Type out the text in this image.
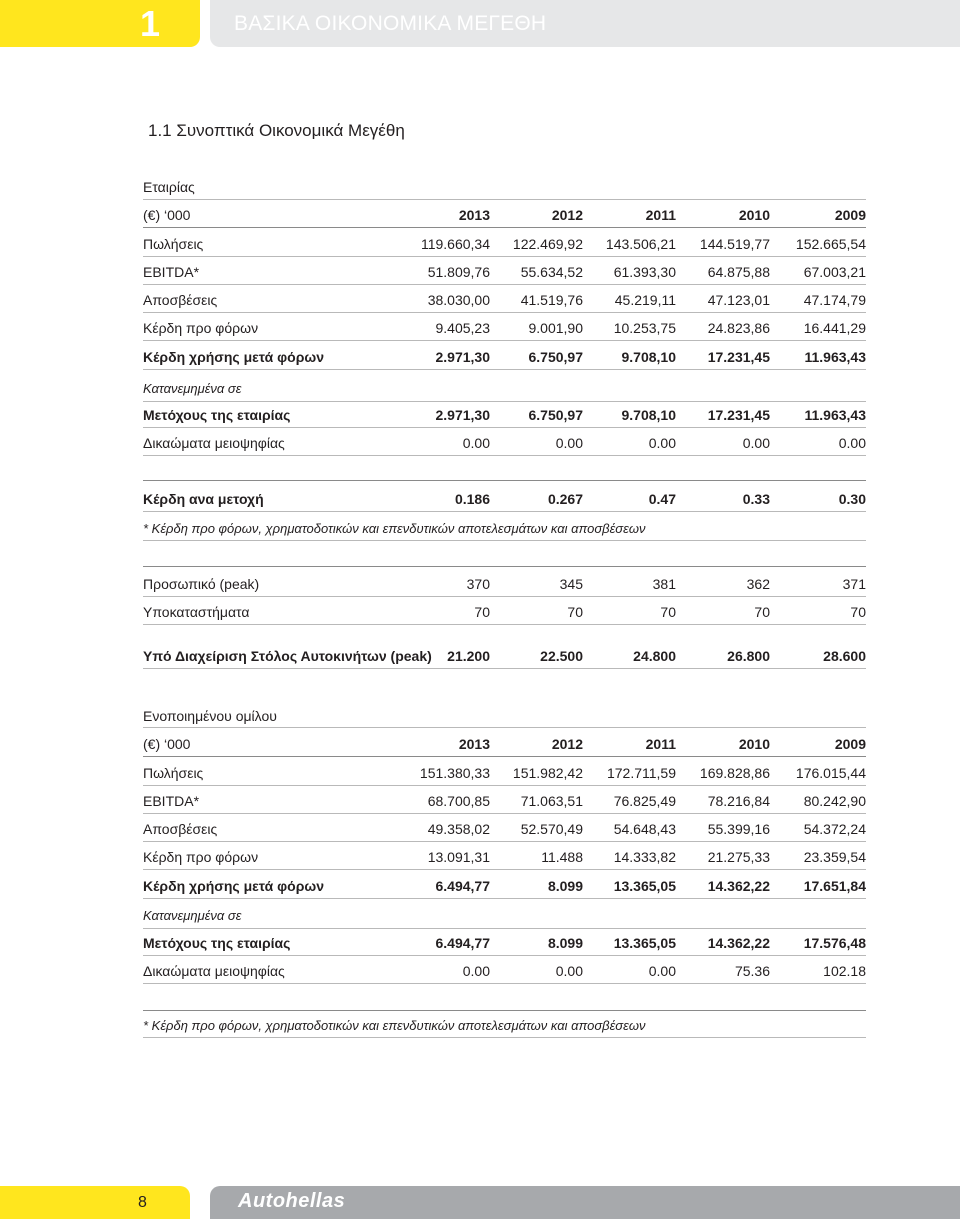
1	ΒΑΣΙΚΑ ΟΙΚΟΝΟΜΙΚΑ ΜΕΓΕΘΗ
1.1 Συνοπτικά Οικονομικά Μεγέθη
Εταιρίας
(€) ‘000	2013	2012	2011	2010	2009
Πωλήσεις	119.660,34	122.469,92	143.506,21	144.519,77	152.665,54
EBITDA*	51.809,76	55.634,52	61.393,30	64.875,88	67.003,21
Αποσβέσεις	38.030,00	41.519,76	45.219,11	47.123,01	47.174,79
Κέρδη προ φόρων	9.405,23	9.001,90	10.253,75	24.823,86	16.441,29
Κέρδη χρήσης μετά φόρων	2.971,30	6.750,97	9.708,10	17.231,45	11.963,43
Κατανεμημένα σε
Μετόχους της εταιρίας	2.971,30	6.750,97	9.708,10	17.231,45	11.963,43
Δικαώματα μειοψηφίας	0.00	0.00	0.00	0.00	0.00
Κέρδη ανα μετοχή	0.186	0.267	0.47	0.33	0.30
* Κέρδη προ φόρων, χρηματοδοτικών και επενδυτικών αποτελεσμάτων και αποσβέσεων
Προσωπικό (peak)	370	345	381	362	371
Υποκαταστήματα	70	70	70	70	70
Υπό Διαχείριση Στόλος Αυτοκινήτων (peak)	21.200	22.500	24.800	26.800	28.600
Ενοποιημένου ομίλου
(€) ‘000	2013	2012	2011	2010	2009
Πωλήσεις	151.380,33	151.982,42	172.711,59	169.828,86	176.015,44
EBITDA*	68.700,85	71.063,51	76.825,49	78.216,84	80.242,90
Αποσβέσεις	49.358,02	52.570,49	54.648,43	55.399,16	54.372,24
Κέρδη προ φόρων	13.091,31	11.488	14.333,82	21.275,33	23.359,54
Κέρδη χρήσης μετά φόρων	6.494,77	8.099	13.365,05	14.362,22	17.651,84
Κατανεμημένα σε
Μετόχους της εταιρίας	6.494,77	8.099	13.365,05	14.362,22	17.576,48
Δικαώματα μειοψηφίας	0.00	0.00	0.00	75.36	102.18
* Κέρδη προ φόρων, χρηματοδοτικών και επενδυτικών αποτελεσμάτων και αποσβέσεων
8	Autohellas
